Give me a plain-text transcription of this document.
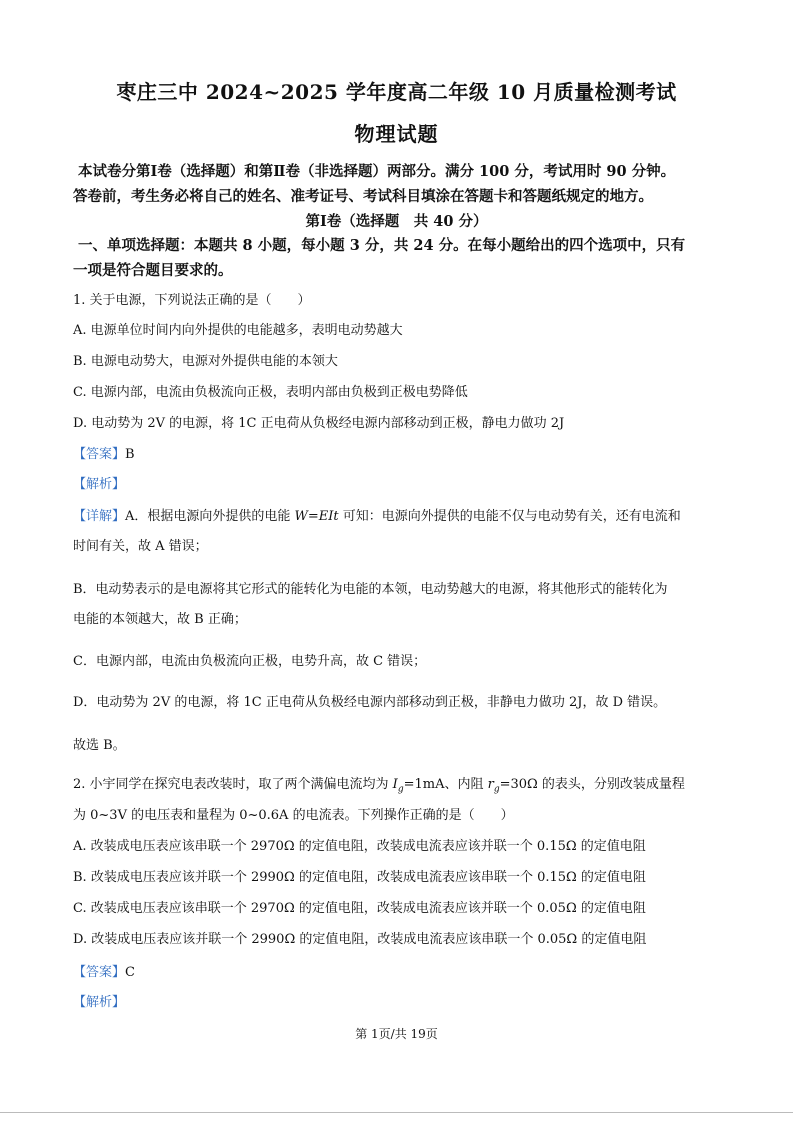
枣庄三中 2024~2025 学年度高二年级 10 月质量检测考试
物理试题
本试卷分第Ⅰ卷（选择题）和第Ⅱ卷（非选择题）两部分。满分 100 分，考试用时 90 分钟。
答卷前，考生务必将自己的姓名、准考证号、考试科目填涂在答题卡和答题纸规定的地方。
第Ⅰ卷（选择题　共 40 分）
一、单项选择题：本题共 8 小题，每小题 3 分，共 24 分。在每小题给出的四个选项中，只有
一项是符合题目要求的。
1. 关于电源，下列说法正确的是（　　）
A. 电源单位时间内向外提供的电能越多，表明电动势越大
B. 电源电动势大，电源对外提供电能的本领大
C. 电源内部，电流由负极流向正极，表明内部由负极到正极电势降低
D. 电动势为 2V 的电源，将 1C 正电荷从负极经电源内部移动到正极，静电力做功 2J
【答案】B
【解析】
【详解】A．根据电源向外提供的电能 W=EIt 可知：电源向外提供的电能不仅与电动势有关，还有电流和
时间有关，故 A 错误；
B．电动势表示的是电源将其它形式的能转化为电能的本领，电动势越大的电源，将其他形式的能转化为
电能的本领越大，故 B 正确；
C．电源内部，电流由负极流向正极，电势升高，故 C 错误；
D．电动势为 2V 的电源，将 1C 正电荷从负极经电源内部移动到正极，非静电力做功 2J，故 D 错误。
故选 B。
2. 小宇同学在探究电表改装时，取了两个满偏电流均为 $I_g=1mA$、内阻 $r_g=30\Omega$ 的表头，分别改装成量程
为 0~3V 的电压表和量程为 0~0.6A 的电流表。下列操作正确的是（　　）
A. 改装成电压表应该串联一个 2970Ω 的定值电阻，改装成电流表应该并联一个 0.15Ω 的定值电阻
B. 改装成电压表应该并联一个 2990Ω 的定值电阻，改装成电流表应该串联一个 0.15Ω 的定值电阻
C. 改装成电压表应该串联一个 2970Ω 的定值电阻，改装成电流表应该并联一个 0.05Ω 的定值电阻
D. 改装成电压表应该并联一个 2990Ω 的定值电阻，改装成电流表应该串联一个 0.05Ω 的定值电阻
【答案】C
【解析】
第 1页/共 19页
